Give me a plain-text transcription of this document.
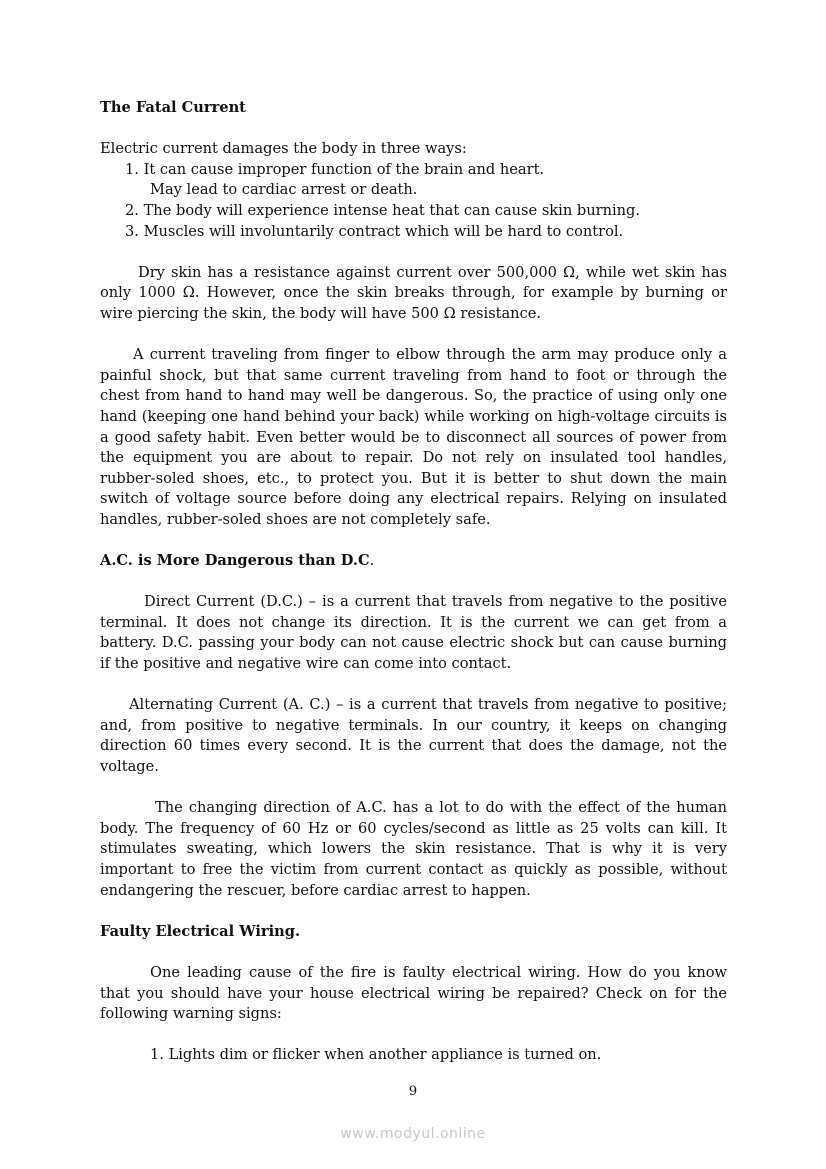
The Fatal Current

Electric current damages the body in three ways:

1. It can cause improper function of the brain and heart.
May lead to cardiac arrest or death.
2. The body will experience intense heat that can cause skin burning.
3. Muscles will involuntarily contract which will be hard to control.

Dry skin has a resistance against current over 500,000 Ω, while wet skin has only 1000 Ω. However, once the skin breaks through, for example by burning or wire piercing the skin, the body will have 500 Ω resistance.

A current traveling from finger to elbow through the arm may produce only a painful shock, but that same current traveling from hand to foot or through the chest from hand to hand may well be dangerous. So, the practice of using only one hand (keeping one hand behind your back) while working on high-voltage circuits is a good safety habit. Even better would be to disconnect all sources of power from the equipment you are about to repair. Do not rely on insulated tool handles, rubber-soled shoes, etc., to protect you. But it is better to shut down the main switch of voltage source before doing any electrical repairs. Relying on insulated handles, rubber-soled shoes are not completely safe.

A.C. is More Dangerous than D.C.

Direct Current (D.C.) – is a current that travels from negative to the positive terminal. It does not change its direction. It is the current we can get from a battery. D.C. passing your body can not cause electric shock but can cause burning if the positive and negative wire can come into contact.

Alternating Current (A. C.) – is a current that travels from negative to positive; and, from positive to negative terminals. In our country, it keeps on changing direction 60 times every second. It is the current that does the damage, not the voltage.

The changing direction of A.C. has a lot to do with the effect of the human body. The frequency of 60 Hz or 60 cycles/second as little as 25 volts can kill. It stimulates sweating, which lowers the skin resistance. That is why it is very important to free the victim from current contact as quickly as possible, without endangering the rescuer, before cardiac arrest to happen.

Faulty Electrical Wiring.

One leading cause of the fire is faulty electrical wiring. How do you know that you should have your house electrical wiring be repaired? Check on for the following warning signs:

1. Lights dim or flicker when another appliance is turned on.

9
www.modyul.online
